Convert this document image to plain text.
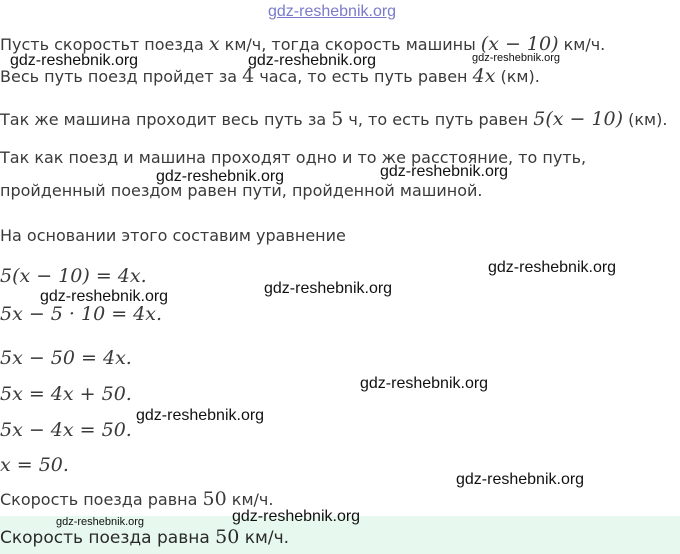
gdz-reshebnik.org
Пусть скоростьт поезда x км/ч, тогда скорость машины (x − 10) км/ч.
Весь путь поезд пройдет за 4 часа, то есть путь равен 4x (км).
Так же машина проходит весь путь за 5 ч, то есть путь равен 5(x − 10) (км).
Так как поезд и машина проходят одно и то же расстояние, то путь,
пройденный поездом равен пути, пройденной машиной.
На основании этого составим уравнение
5(x − 10) = 4x.
5x − 5 · 10 = 4x.
5x − 50 = 4x.
5x = 4x + 50.
5x − 4x = 50.
x = 50.
Скорость поезда равна 50 км/ч.
Скорость поезда равна 50 км/ч.
gdz-reshebnik.org	gdz-reshebnik.org	gdz-reshebnik.org
gdz-reshebnik.org	gdz-reshebnik.org
gdz-reshebnik.org
gdz-reshebnik.org
gdz-reshebnik.org
gdz-reshebnik.org
gdz-reshebnik.org
gdz-reshebnik.org
gdz-reshebnik.org
gdz-reshebnik.org
